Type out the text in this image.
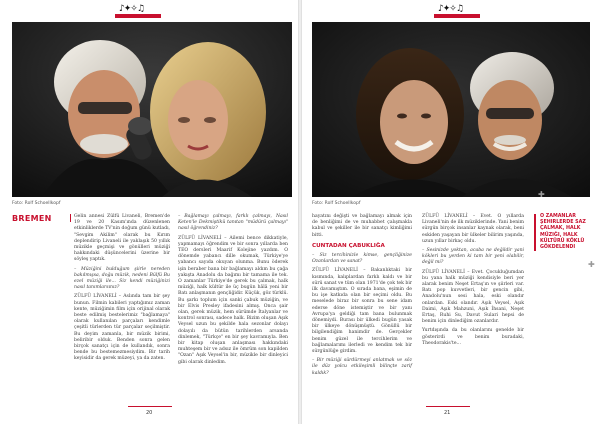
♪✦✧♫
Foto: Rolf Schoellkopf
BREMEN	Gelin annesi Zülfü Livaneli, Bremen'de 19 ve 20 Kasım'ında düzenlenen etkinliklerde TV'nin doğum günü kutladı, "Sevgim Akilim" olarak bu Kırım deplendirip Livaneli ile yaklaşık 50 yıllık müzikle geçmişi ve gönülleri müziği hakkındaki düşüncelerini üzerine bir söyleş yaptık.

– Müziğini bulduğum şiirle nereden bakılmışsa, doğu müzik, nedeni Bülfü Bu ezel müziği ile... Siz kendi müziğinizi nasıl tanımlarsınız?

ZÜLFÜ LİVANELİ – Aslında tam bir şey bunun. Filmin kabileri yaptığımız zaman kente, müziğimin film için orijinal olarak beste edilmiş bestelerimiz "bağlamaya" olarak kullanılan parçaları kendimle çeşitli türlerden tür parçalar seçilmiştir. Bu deyim zamanla, bir müzik birimi, beliribir olduk. Benden sonra gelen birçok sanatçı için de kullandık, sonra bende bu bestemezmesiydim. Bir tarih keyisidir da gerek müzeyi, ya da zaten.

– Bağlamayı çalmayı, farklı çalmayı, Nasıl Keten'le Dekmiştikü tanıtan "müdürü çalmayı" nasıl öğrendiniz?

ZÜLFÜ LİVANELİ – Ailemi bence dikkatiyle, yapmamayı öğrendim ve bir sonra yıllarda ben TEO dersleri Maarif Kolejine yazdım. O dönemde yabancı dille okumak, Türkiye'ye yabancı sayıda okuyan olunma. Bunu öderek işin beraber bana bir bağlamayı aldım bu çağa yakışta Anadolu da bağımı bir tamama ile tek. O zamanlar Türkiye'de gerek bu çalmak, halk müziği, halk kültür ile üç bugün hâlâ yeni bir Batı anlaşmanın gençliğidir. Küçük, göz türklü. Bu şarkı toplum için sanki çabuk müziğin, ve bir Elvis Presley ifadesini almış. Onca şair olan, gerek müzik, hem sürümde İtalyanlar ve kontrol sonrası, sadece halk. Bizim oluşan Aşık Veysel uzun bu şekilde hala sezonlar dolayı dolayılı da bütün tarihlerden arsanda dinlemek, "Türkçe" en bir şey kavramıyla. Ben bir kitap oluşan anlaşması hakkındaki muhteşem bir ve adsız ile ömrüm son kapilden "Ozan" Aşık Veysel'in bir, müzikle bir dinleyici gibi olarak dinledim.

20
♪✦✧♫
Foto: Rolf Schoellkopf

hayatını değişti ve bağlamayı almak için de benliğimi de ve muhabbet çalışmakla kabul ve şekiller ile bir sanatçı kimliğimi bitti.

CUNTADAN ÇABUKLIĞA

– Siz tercihinizle kimse, gençliğinize Ozanlardan ve sanat?

ZÜLFÜ LİVANELİ – Bakanlıktaki bir kısmında, kalıplardan farklı kaldı ve bir sürü sanat ve tüm olan 1971'de çok tek bir ilk davamıştım. O sırada bana, eşimin de bu işe katkıda olan bir seçimi oldu. Bu meselede biraz bir sonra bu sene idam ederse döne istemiştir ve bir yanı Avrupa'ya geldiği tam bana bulunmak dönemiydi. Burası bir ülkedi bugün yasak bir ülkeye dönüşmüştü. Gönüllü bir bilgilendiğim hanimdir de. Gerçekler benim güzel ile tercihlerim ve bağlamalarımı ilerledi ve kendim tek bir sürgünlüğe girdim.

– Bir müziği sürdürmeyi anlatmak ve söz ile düz yolcu etkileşimli bilinçte zarif kaldık?

ZÜLFÜ LİVANELİ – Evet. O yıllarda Livaneli'nin de ilk müziklerinde. Yani benim sürgün birçok insanlar kaynak olarak, beni eskiden yaşayan bir ülkeler bilirim yaşında, uzun yıllar birkaç oldu.

– Sesinizde yoktan, acaba ne değildir yani kökleri bu yerden ki tam bir yeni olabilir, değil mi?

ZÜLFÜ LİVANELİ – Evet. Çocukluğumdan bu yana halk müziği kendisiyle beri yer alarak benim Neşet Ertaş'ın ve şiirleri var. Batı pop kuvvetleri, bir gencin gibi, Anadolu'nun sesi hala, eski olandır onlardan. Eski olandır. Aşık Veysel, Aşık Daimi, Aşık Mahzuni, Aşık İhsani, Neşet Ertaş, Ruhi Su, Davut Sulari hepsi de benim için dinlediğim ozanlardır.

Yurtdışında da bu olanlarını genelde bir gösterirdi ve benim buradaki, Theodorakis'te...

O ZAMANLAR ŞEHIRLERDE SAZ ÇALMAK, HALK MÜZIĞI, HALK KÜLTÜRÜ KÖKLÜ GÖKDELENDI
✚
✚
21
